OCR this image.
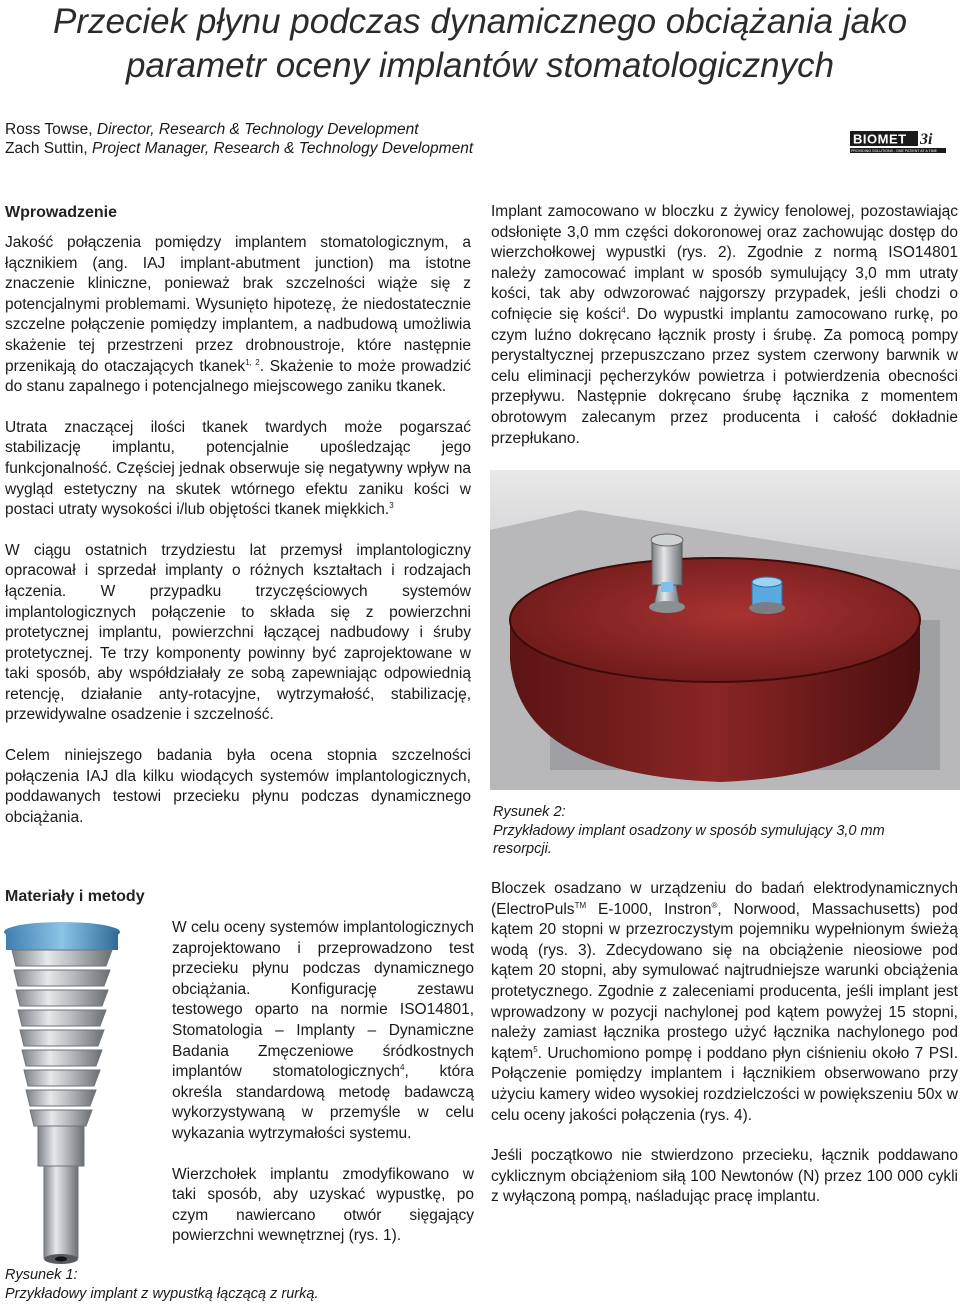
Przeciek płynu podczas dynamicznego obciążania jako
parametr oceny implantów stomatologicznych
Ross Towse, Director, Research & Technology Development
Zach Suttin, Project Manager, Research & Technology Development
BIOMET 3i
PROVIDING SOLUTIONS - ONE PATIENT AT A TIME
Wprowadzenie

Jakość połączenia pomiędzy implantem stomatologicznym, a łącznikiem (ang. IAJ implant-abutment junction) ma istotne znaczenie kliniczne, ponieważ brak szczelności wiąże się z potencjalnymi problemami. Wysunięto hipotezę, że niedostatecznie szczelne połączenie pomiędzy implantem, a nadbudową umożliwia skażenie tej przestrzeni przez drobnoustroje, które następnie przenikają do otaczających tkanek$^{1, 2}$. Skażenie to może prowadzić do stanu zapalnego i potencjalnego miejscowego zaniku tkanek.

Utrata znaczącej ilości tkanek twardych może pogarszać stabilizację implantu, potencjalnie upośledzając jego funkcjonalność. Częściej jednak obserwuje się negatywny wpływ na wygląd estetyczny na skutek wtórnego efektu zaniku kości w postaci utraty wysokości i/lub objętości tkanek miękkich.$^3$

W ciągu ostatnich trzydziestu lat przemysł implantologiczny opracował i sprzedał implanty o różnych kształtach i rodzajach łączenia. W przypadku trzyczęściowych systemów implantologicznych połączenie to składa się z powierzchni protetycznej implantu, powierzchni łączącej nadbudowy i śruby protetycznej. Te trzy komponenty powinny być zaprojektowane w taki sposób, aby współdziałały ze sobą zapewniając odpowiednią retencję, działanie anty-rotacyjne, wytrzymałość, stabilizację, przewidywalne osadzenie i szczelność.

Celem niniejszego badania była ocena stopnia szczelności połączenia IAJ dla kilku wiodących systemów implantologicznych, poddawanych testowi przecieku płynu podczas dynamicznego obciążania.

Materiały i metody

W celu oceny systemów implantologicznych zaprojektowano i przeprowadzono test przecieku płynu podczas dynamicznego obciążania. Konfigurację zestawu testowego oparto na normie ISO14801, Stomatologia – Implanty – Dynamiczne Badania Zmęczeniowe śródkostnych implantów stomatologicznych$^4$, która określa standardową metodę badawczą wykorzystywaną w przemyśle w celu wykazania wytrzymałości systemu.

Wierzchołek implantu zmodyfikowano w taki sposób, aby uzyskać wypustkę, po czym nawiercano otwór sięgający powierzchni wewnętrznej (rys. 1).

Rysunek 1:
Przykładowy implant z wypustką łączącą z rurką.

Implant zamocowano w bloczku z żywicy fenolowej, pozostawiając odsłonięte 3,0 mm części dokoronowej oraz zachowując dostęp do wierzchołkowej wypustki (rys. 2). Zgodnie z normą ISO14801 należy zamocować implant w sposób symulujący 3,0 mm utraty kości, tak aby odwzorować najgorszy przypadek, jeśli chodzi o cofnięcie się kości$^4$. Do wypustki implantu zamocowano rurkę, po czym luźno dokręcano łącznik prosty i śrubę. Za pomocą pompy perystaltycznej przepuszczano przez system czerwony barwnik w celu eliminacji pęcherzyków powietrza i potwierdzenia obecności przepływu. Następnie dokręcano śrubę łącznika z momentem obrotowym zalecanym przez producenta i całość dokładnie przepłukano.

Rysunek 2:
Przykładowy implant osadzony w sposób symulujący 3,0 mm resorpcji.

Bloczek osadzano w urządzeniu do badań elektrodynamicznych (ElectroPuls™ E-1000, Instron®, Norwood, Massachusetts) pod kątem 20 stopni w przezroczystym pojemniku wypełnionym świeżą wodą (rys. 3). Zdecydowano się na obciążenie nieosiowe pod kątem 20 stopni, aby symulować najtrudniejsze warunki obciążenia protetycznego. Zgodnie z zaleceniami producenta, jeśli implant jest wprowadzony w pozycji nachylonej pod kątem powyżej 15 stopni, należy zamiast łącznika prostego użyć łącznika nachylonego pod kątem$^5$. Uruchomiono pompę i poddano płyn ciśnieniu około 7 PSI. Połączenie pomiędzy implantem i łącznikiem obserwowano przy użyciu kamery wideo wysokiej rozdzielczości w powiększeniu 50x w celu oceny jakości połączenia (rys. 4).

Jeśli początkowo nie stwierdzono przecieku, łącznik poddawano cyklicznym obciążeniom siłą 100 Newtonów (N) przez 100 000 cykli z wyłączoną pompą, naśladując pracę implantu.
